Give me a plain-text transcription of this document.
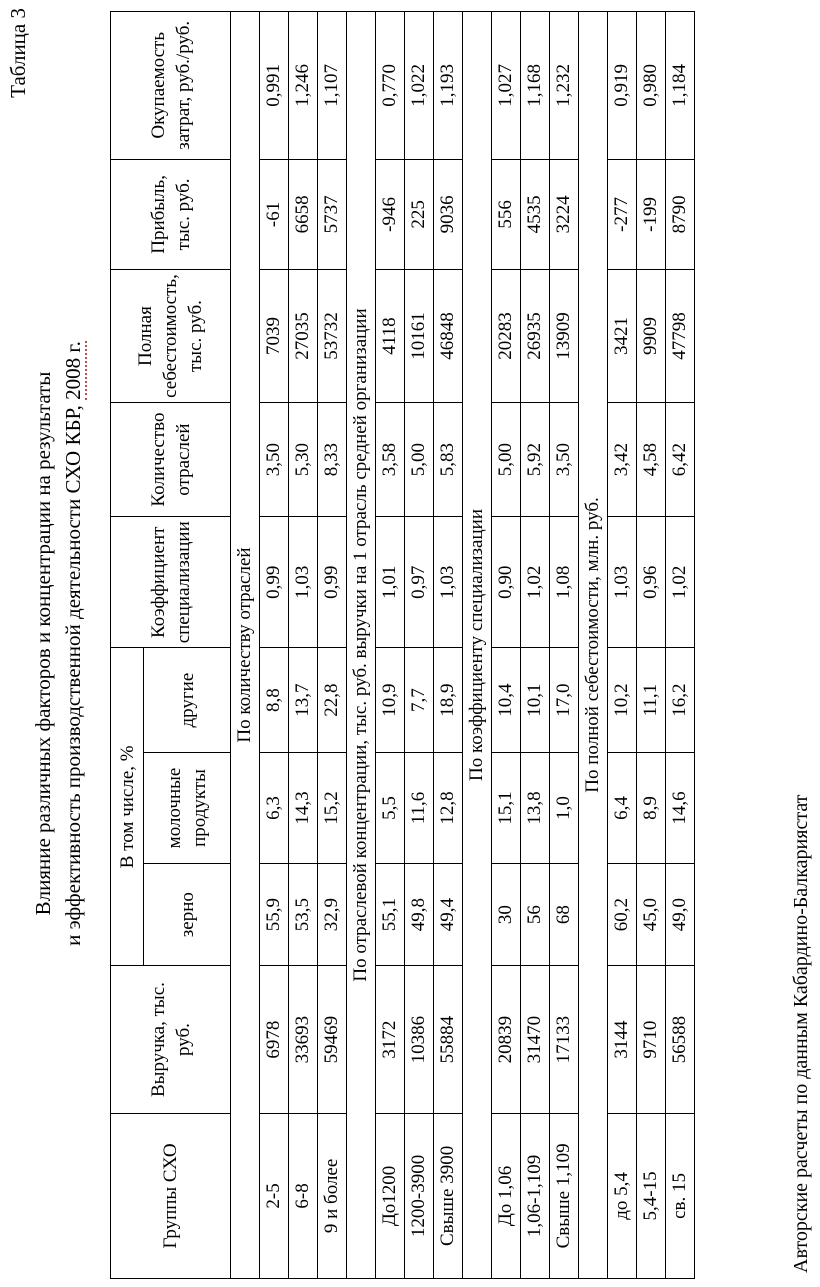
Таблица 3
Влияние различных факторов и концентрации на результаты и эффективность производственной деятельности СХО КБР, 2008 г.
Группы СХО	Выручка, тыс. руб.	В том числе, %			Коэффициент специализации	Количество отраслей	Полная себестоимость, тыс. руб.	Прибыль, тыс. руб.	Окупаемость затрат, руб./руб.
		зерно	молочные продукты	другие					
По количеству отраслей									
2-5	6978	55,9	6,3	8,8	0,99	3,50	7039	-61	0,991
6-8	33693	53,5	14,3	13,7	1,03	5,30	27035	6658	1,246
9 и более	59469	32,9	15,2	22,8	0,99	8,33	53732	5737	1,107
По отраслевой концентрации, тыс. руб. выручки на 1 отрасль средней организации									
До1200	3172	55,1	5,5	10,9	1,01	3,58	4118	-946	0,770
1200-3900	10386	49,8	11,6	7,7	0,97	5,00	10161	225	1,022
Свыше 3900	55884	49,4	12,8	18,9	1,03	5,83	46848	9036	1,193
По коэффициенту специализации									
До 1,06	20839	30	15,1	10,4	0,90	5,00	20283	556	1,027
1,06-1,109	31470	56	13,8	10,1	1,02	5,92	26935	4535	1,168
Свыше 1,109	17133	68	1,0	17,0	1,08	3,50	13909	3224	1,232
По полной себестоимости, млн. руб.									
до 5,4	3144	60,2	6,4	10,2	1,03	3,42	3421	-277	0,919
5,4-15	9710	45,0	8,9	11,1	0,96	4,58	9909	-199	0,980
св. 15	56588	49,0	14,6	16,2	1,02	6,42	47798	8790	1,184
Авторские расчеты по данным Кабардино-Балкариястат
